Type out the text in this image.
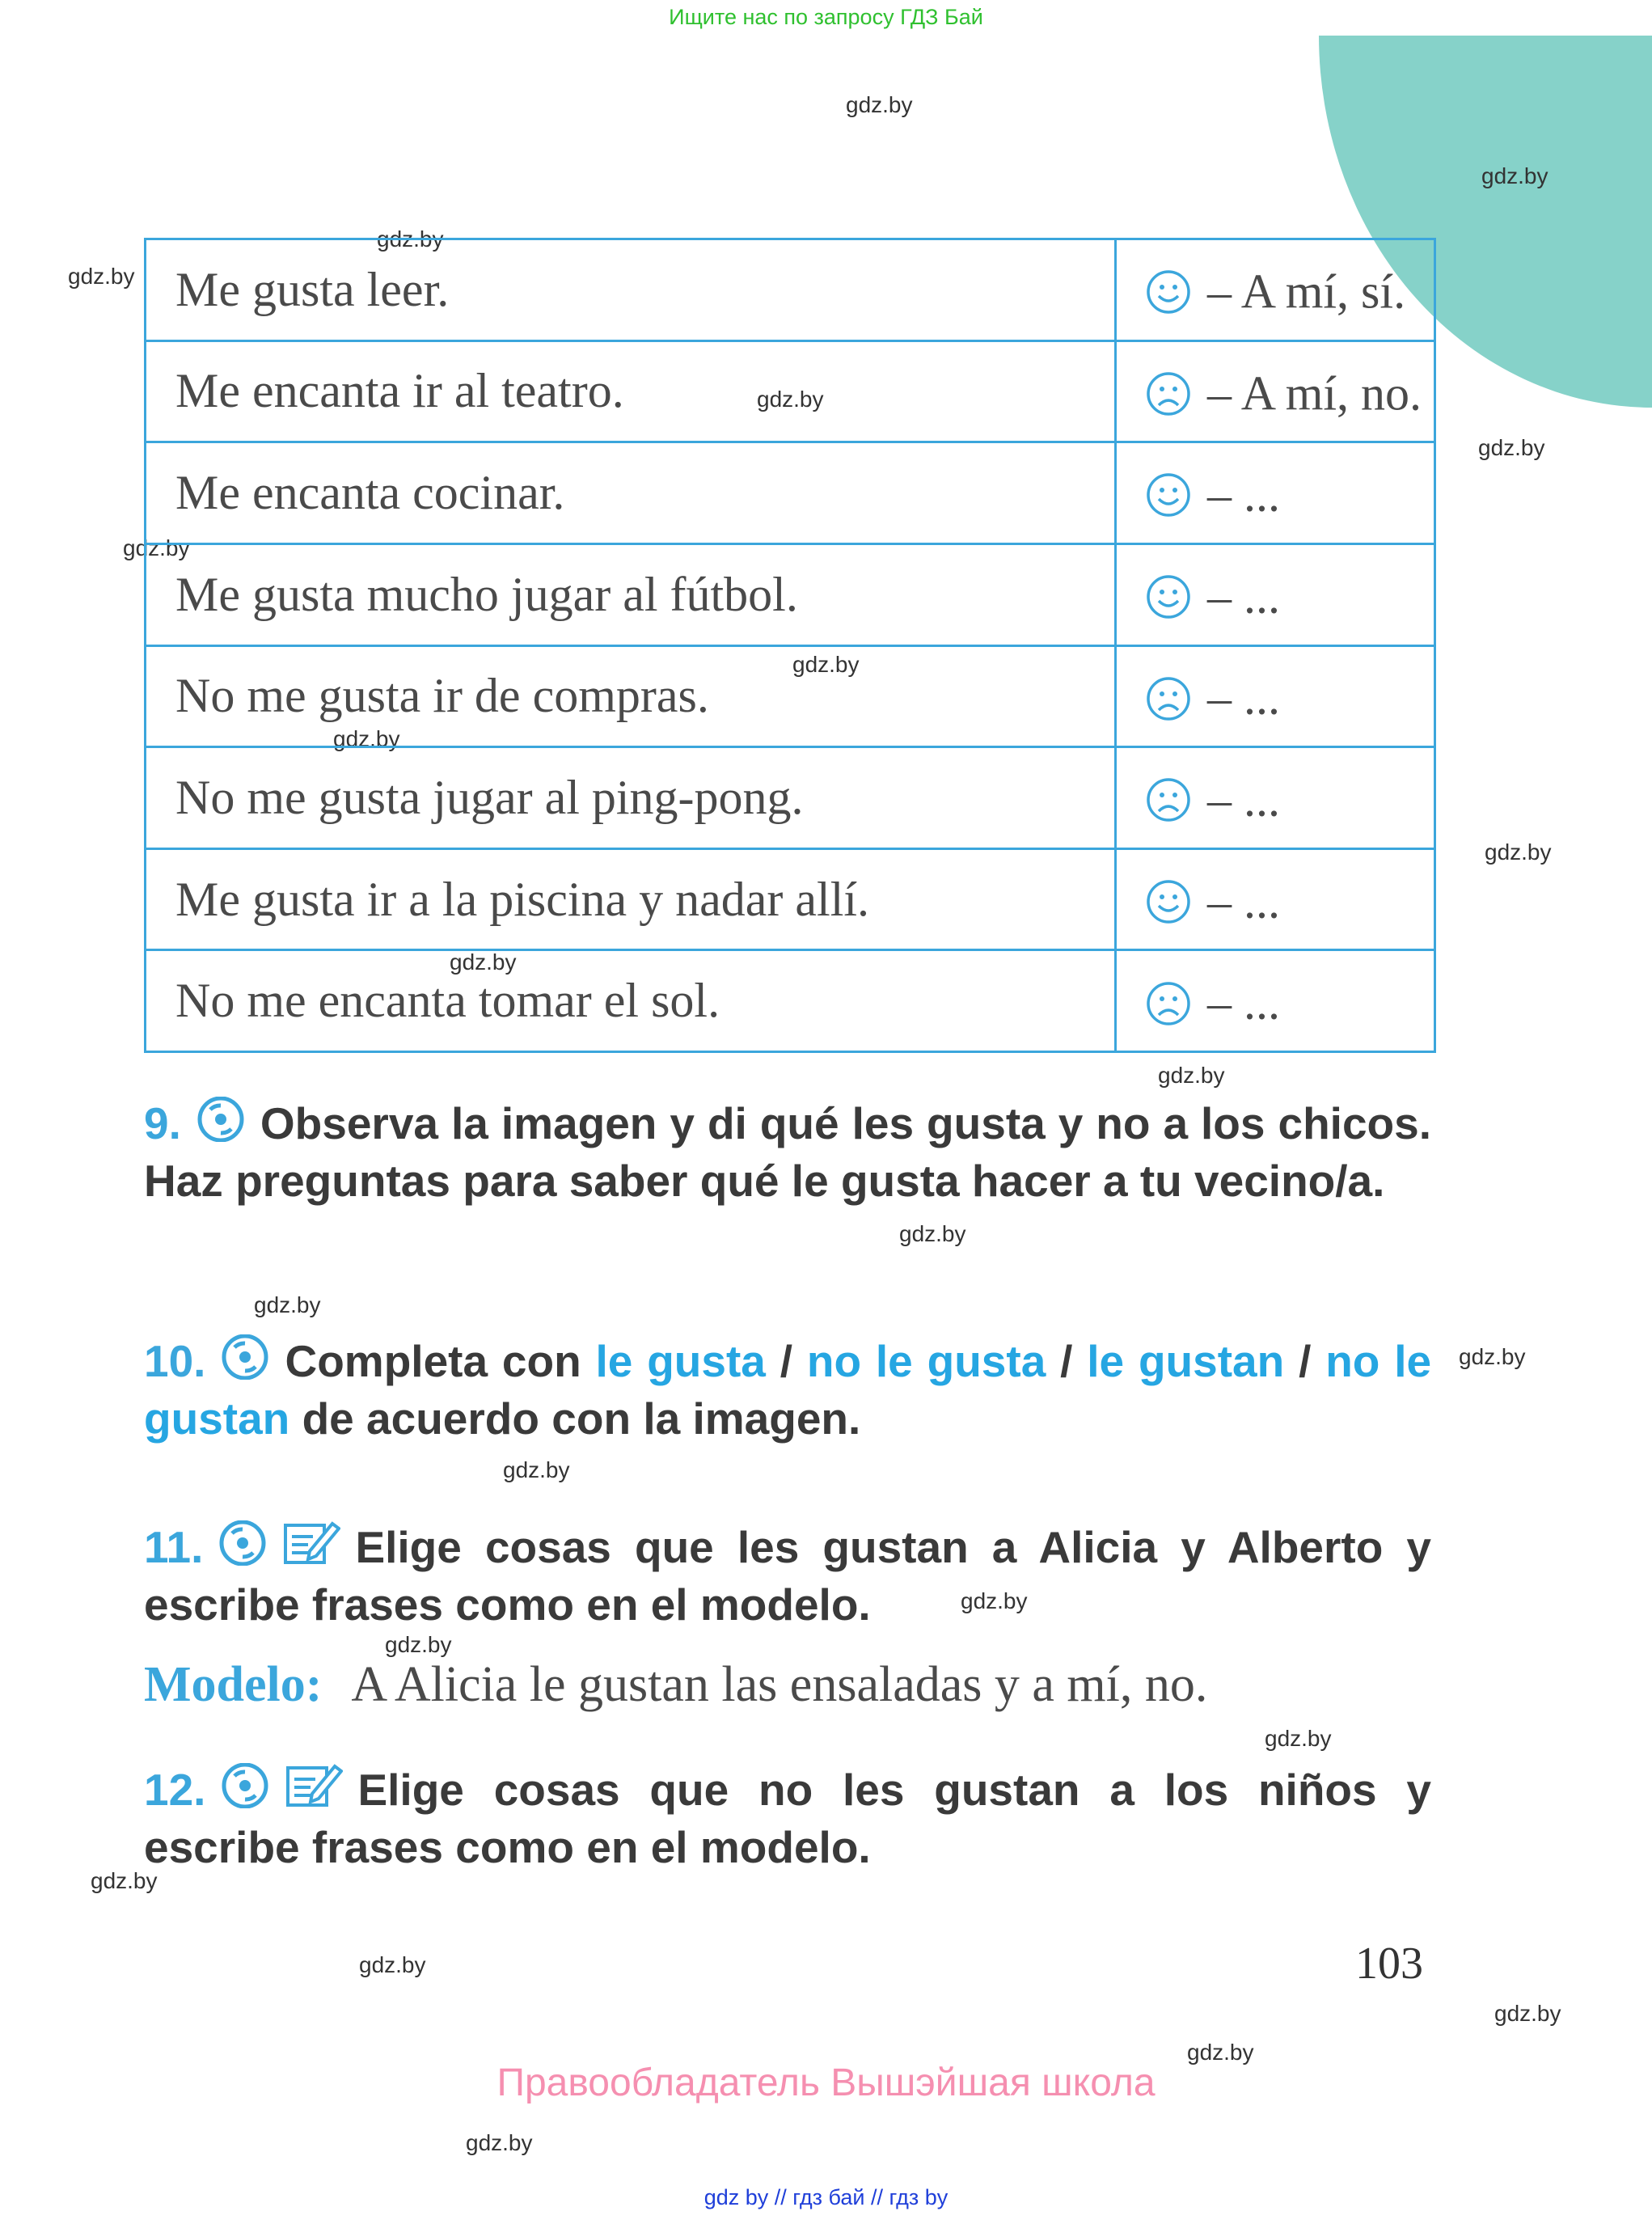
Ищите нас по запросу ГДЗ Бай
gdz.by
gdz.by
gdz.by
gdz.by
gdz.by
gdz.by
gdz.by
gdz.by
gdz.by
gdz.by
gdz.by
gdz.by
gdz.by
gdz.by
gdz.by
gdz.by
gdz.by
gdz.by
gdz.by
gdz.by
gdz.by
gdz.by
gdz.by
gdz.by
Me gusta leer.	– A mí, sí.
Me encanta ir al teatro.	– A mí, no.
Me encanta cocinar.	– ...
Me gusta mucho jugar al fútbol.	– ...
No me gusta ir de compras.	– ...
No me gusta jugar al ping-pong.	– ...
Me gusta ir a la piscina y nadar allí.	– ...
No me encanta tomar el sol.	– ...
9. Observa la imagen y di qué les gusta y no a los chicos. Haz preguntas para saber qué le gusta hacer a tu vecino/a.
10. Completa con le gusta / no le gusta / le gustan / no le gustan de acuerdo con la imagen.
11.	Elige cosas que les gustan a Alicia y Alberto y escribe frases como en el modelo.
Modelo: A Alicia le gustan las ensaladas y a mí, no.
12.	Elige cosas que no les gustan a los niños y escribe frases como en el modelo.
103
Правообладатель Вышэйшая школа
gdz by // гдз бай // гдз by
